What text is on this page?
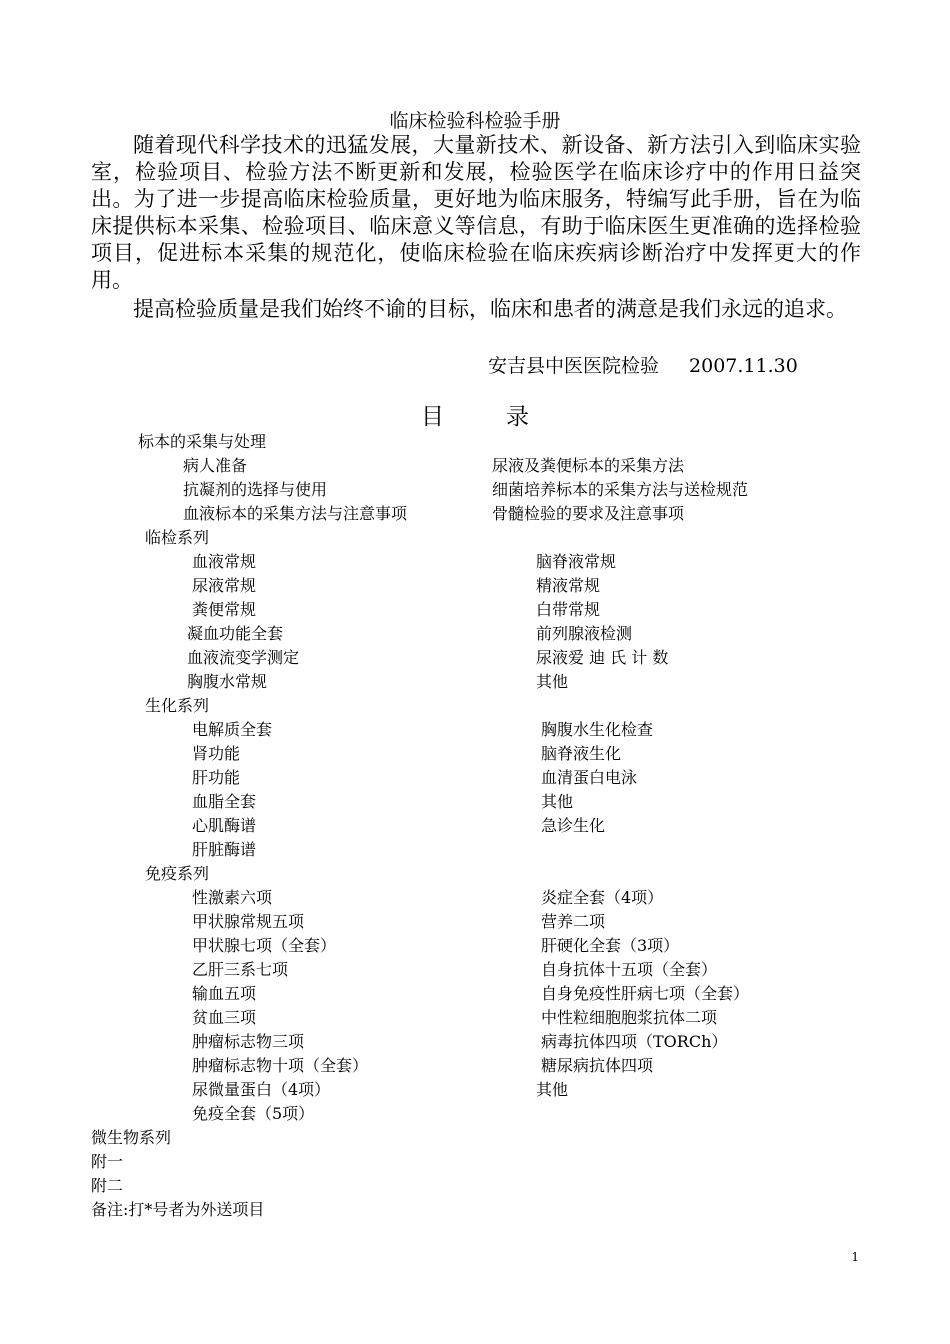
临床检验科检验手册

随着现代科学技术的迅猛发展，大量新技术、新设备、新方法引入到临床实验室，检验项目、检验方法不断更新和发展，检验医学在临床诊疗中的作用日益突出。为了进一步提高临床检验质量，更好地为临床服务，特编写此手册，旨在为临床提供标本采集、检验项目、临床意义等信息，有助于临床医生更准确的选择检验项目，促进标本采集的规范化，使临床检验在临床疾病诊断治疗中发挥更大的作用。

提高检验质量是我们始终不谕的目标，临床和患者的满意是我们永远的追求。

安吉县中医医院检验 2007.11.30
目录
标本的采集与处理
病人准备	尿液及粪便标本的采集方法
抗凝剂的选择与使用	细菌培养标本的采集方法与送检规范
血液标本的采集方法与注意事项	骨髓检验的要求及注意事项
临检系列
血液常规	脑脊液常规
尿液常规	精液常规
粪便常规	白带常规
凝血功能全套	前列腺液检测
血液流变学测定	尿液爱 迪 氏 计 数
胸腹水常规	其他
生化系列
电解质全套	胸腹水生化检查
肾功能	脑脊液生化
肝功能	血清蛋白电泳
血脂全套	其他
心肌酶谱	急诊生化
肝脏酶谱
免疫系列
性激素六项	炎症全套（4项）
甲状腺常规五项	营养二项
甲状腺七项（全套）	肝硬化全套（3项）
乙肝三系七项	自身抗体十五项（全套）
输血五项	自身免疫性肝病七项（全套）
贫血三项	中性粒细胞胞浆抗体二项
肿瘤标志物三项	病毒抗体四项（TORCh）
肿瘤标志物十项（全套）	糖尿病抗体四项
尿微量蛋白（4项）	其他
免疫全套（5项）
微生物系列
附一
附二
备注:打*号者为外送项目
1
